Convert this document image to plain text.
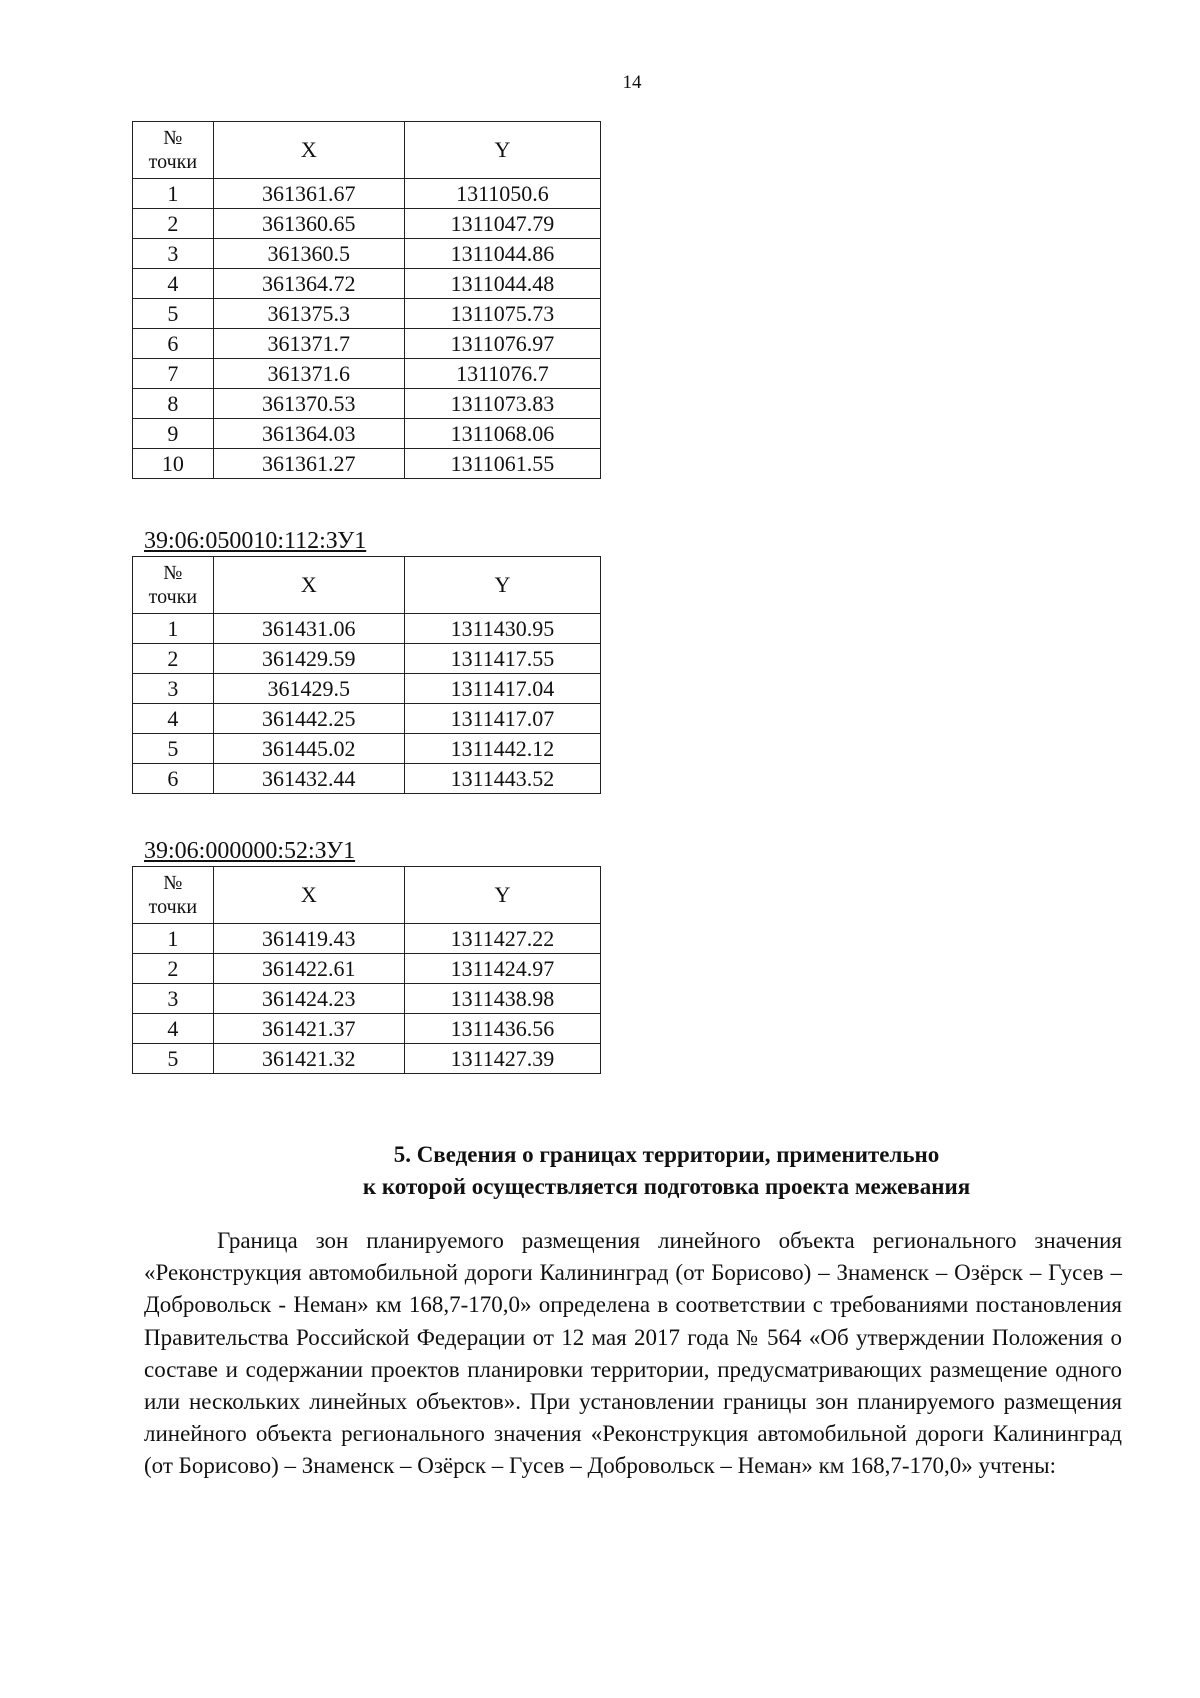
14
№
точки	X	Y
1	361361.67	1311050.6
2	361360.65	1311047.79
3	361360.5	1311044.86
4	361364.72	1311044.48
5	361375.3	1311075.73
6	361371.7	1311076.97
7	361371.6	1311076.7
8	361370.53	1311073.83
9	361364.03	1311068.06
10	361361.27	1311061.55
39:06:050010:112:ЗУ1
№
точки	X	Y
1	361431.06	1311430.95
2	361429.59	1311417.55
3	361429.5	1311417.04
4	361442.25	1311417.07
5	361445.02	1311442.12
6	361432.44	1311443.52
39:06:000000:52:ЗУ1
№
точки	X	Y
1	361419.43	1311427.22
2	361422.61	1311424.97
3	361424.23	1311438.98
4	361421.37	1311436.56
5	361421.32	1311427.39
5. Сведения о границах территории, применительно
к которой осуществляется подготовка проекта межевания
Граница зон планируемого размещения линейного объекта регионального значения «Реконструкция автомобильной дороги Калининград (от Борисово) – Знаменск – Озёрск – Гусев – Добровольск - Неман» км 168,7-170,0» определена в соответствии с требованиями постановления Правительства Российской Федерации от 12 мая 2017 года № 564 «Об утверждении Положения о составе и содержании проектов планировки территории, предусматривающих размещение одного или нескольких линейных объектов». При установлении границы зон планируемого размещения линейного объекта регионального значения «Реконструкция автомобильной дороги Калининград (от Борисово) – Знаменск – Озёрск – Гусев – Добровольск – Неман» км 168,7-170,0» учтены:
